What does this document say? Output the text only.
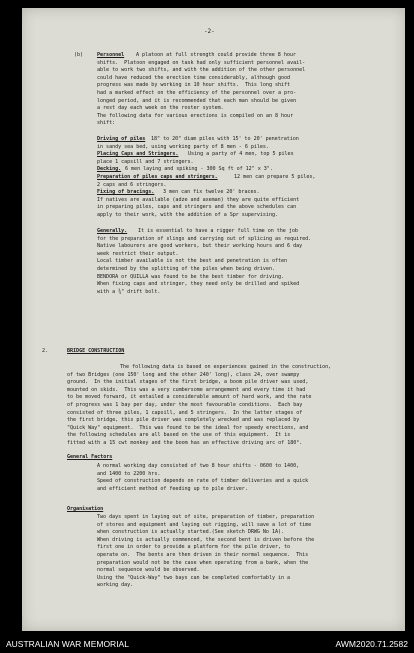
-2-
(b)	Personnel A platoon at full strength could provide three 8 hour
shifts.  Platoon engaged on task had only sufficient personnel avail-
able to work two shifts, and with the addition of the other personnel
could have reduced the erection time considerably, although good
progress was made by working in 10 hour shifts.  This long shift
had a marked effect on the efficiency of the personnel over a pro-
longed period, and it is recommended that each man should be given
a rest day each week on the roster system.
The following data for various erections is compiled on an 8 hour
shift:
Driving of piles 18" to 20" diam piles with 15' to 20' penetration
in sandy sea bed, using working party of 8 men - 6 piles.
Placing Caps and Stringers. Using a party of 4 men, top 5 piles
place 1 capsill and 7 stringers.
Decking. 6 men laying and spiking - 300 Sq ft of 12" x 3".
Preparation of piles caps and stringers.	12 men can prepare 5 piles,
2 caps and 6 stringers.
Fixing of bracings. 3 men can fix twelve 20' braces.
If natives are available (adze and axeman) they are quite efficient
in preparing piles, caps and stringers and the above schedules can
apply to their work, with the addition of a Spr supervising.
Generally. It is essential to have a rigger full time on the job
for the preparation of slings and carrying out of splicing as required.
Native labourers are good workers, but their working hours and 6 day
week restrict their output.
Local timber available is not the best and penetration is often
determined by the splitting of the piles when being driven.
BENDORA or QUILLA was found to be the best timber for driving.
When fixing caps and stringer, they need only be drilled and spiked
with a ¾" drift bolt.
2.	BRIDGE CONSTRUCTION
The following data is based on experiences gained in the construction,
of two Bridges (one 150' long and the other 240' long), class 24, over swampy
ground.  In the initial stages of the first bridge, a boom pile driver was used,
mounted on skids.  This was a very cumbersome arrangement and every time it had
to be moved forward, it entailed a considerable amount of hard work, and the rate
of progress was 1 bay per day, under the most favourable conditions.  Each bay
consisted of three piles, 1 capsill, and 5 stringers.  In the latter stages of
the first bridge, this pile driver was completely wrecked and was replaced by
"Quick Way" equipment.  This was found to be the ideal for speedy erections, and
the following schedules are all based on the use of this equipment.  It is
fitted with a 15 cwt monkey and the boom has an effective driving arc of 180°.
General Factors
A normal working day consisted of two 8 hour shifts - 0600 to 1400,
and 1400 to 2200 hrs.
Speed of construction depends on rate of timber deliveries and a quick
and efficient method of feeding up to pile driver.
Organisation
Two days spent in laying out of site, preparation of timber, preparation
of stores and equipment and laying out rigging, will save a lot of time
when construction is actually started.(See sketch DRWG No 1A).
When driving is actually commenced, the second bent is driven before the
first one in order to provide a platform for the pile driver, to
operate on.  The bents are then driven in their normal sequence.  This
preparation would not be the case when operating from a bank, when the
normal sequence would be observed.
Using the "Quick-Way" two bays can be completed comfortably in a
working day.
AUSTRALIAN WAR MEMORIAL	AWM2020.71.2582
